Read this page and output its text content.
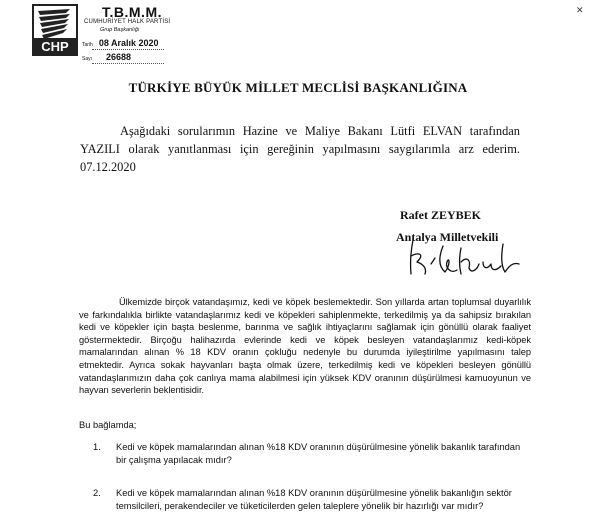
CHP
T.B.M.M.
CUMHURİYET HALK PARTİSİ
Grup Başkanlığı
Tarih 08 Aralık 2020
Sayı 26688
✕
TÜRKİYE BÜYÜK MİLLET MECLİSİ BAŞKANLIĞINA
Aşağıdaki sorularımın Hazine ve Maliye Bakanı Lütfi ELVAN tarafından YAZILI olarak yanıtlanması için gereğinin yapılmasını saygılarımla arz ederim. 07.12.2020
Rafet ZEYBEK
Antalya Milletvekili
Ülkemizde birçok vatandaşımız, kedi ve köpek beslemektedir. Son yıllarda artan toplumsal duyarlılık ve farkındalıkla birlikte vatandaşlarımız kedi ve köpekleri sahiplenmekte, terkedilmiş ya da sahipsiz bırakılan kedi ve köpekler için başta beslenme, barınma ve sağlık ihtiyaçlarını sağlamak için gönüllü olarak faaliyet göstermektedir. Birçoğu halihazırda evlerinde kedi ve köpek besleyen vatandaşlarımız kedi-köpek mamalarından alınan % 18 KDV oranın çokluğu nedenyle bu durumda iyileştirilme yapılmasını talep etmektedir. Ayrıca sokak hayvanları başta olmak üzere, terkedilmiş kedi ve köpekleri besleyen gönüllü vatandaşlarımızın daha çok canlıya mama alabilmesi için yüksek KDV oranının düşürülmesi kamuoyunun ve hayvan severlerin beklentisidir.
Bu bağlamda;
1. Kedi ve köpek mamalarından alınan %18 KDV oranının düşürülmesine yönelik bakanlık tarafından bir çalışma yapılacak mıdır?
2. Kedi ve köpek mamalarından alınan %18 KDV oranının düşürülmesine yönelik bakanlığın sektör temsilcileri, perakendeciler ve tüketicilerden gelen taleplere yönelik bir hazırlığı var mıdır?
